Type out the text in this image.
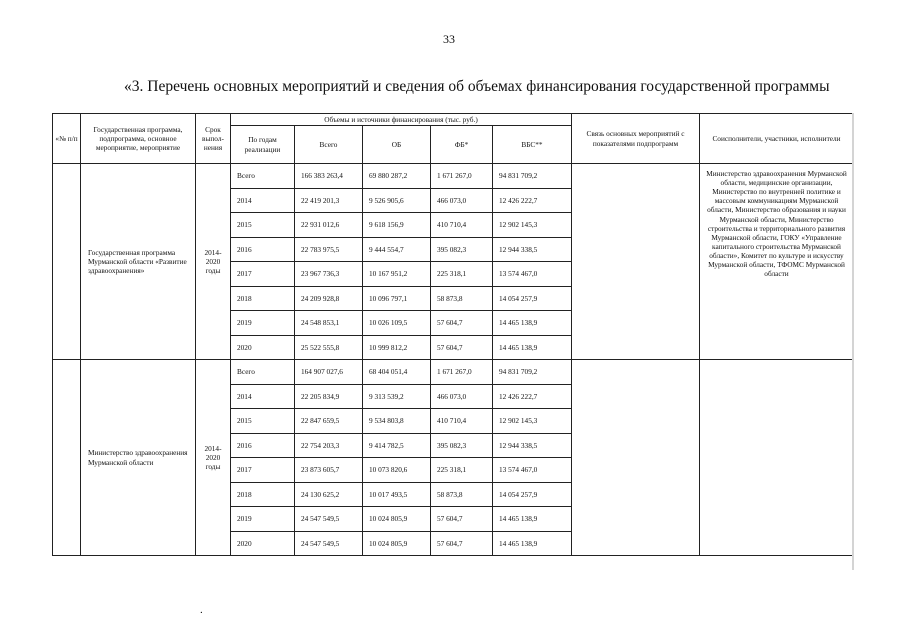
33
«3. Перечень основных мероприятий и сведения об объемах финансирования государственной программы
«№ п/п	Государственная программа, подпрограмма, основное мероприятие, мероприятие	Срок выпол-нения	Объемы и источники финансирования (тыс. руб.)					Связь основных мероприятий с показателями подпрограмм	Соисполнители, участники, исполнители
			По годам реализации	Всего	ОБ	ФБ*	ВБС**		
	Государственная программа Мурманской области «Развитие здравоохранения»	2014-2020 годы	Всего	166 383 263,4	69 880 287,2	1 671 267,0	94 831 709,2		Министерство здравоохранения Мурманской области, медицинские организации, Министерство по внутренней политике и массовым коммуникациям Мурманской области, Министерство образования и науки Мурманской области, Министерство строительства и территориального развития Мурманской области, ГОКУ «Управление капитального строительства Мурманской области», Комитет по культуре и искусству Мурманской области, ТФОМС Мурманской области
			2014	22 419 201,3	9 526 905,6	466 073,0	12 426 222,7		
			2015	22 931 012,6	9 618 156,9	410 710,4	12 902 145,3		
			2016	22 783 975,5	9 444 554,7	395 082,3	12 944 338,5		
			2017	23 967 736,3	10 167 951,2	225 318,1	13 574 467,0		
			2018	24 209 928,8	10 096 797,1	58 873,8	14 054 257,9		
			2019	24 548 853,1	10 026 109,5	57 604,7	14 465 138,9		
			2020	25 522 555,8	10 999 812,2	57 604,7	14 465 138,9		
	Министерство здравоохранения Мурманской области	2014-2020 годы	Всего	164 907 027,6	68 404 051,4	1 671 267,0	94 831 709,2		
			2014	22 205 834,9	9 313 539,2	466 073,0	12 426 222,7		
			2015	22 847 659,5	9 534 803,8	410 710,4	12 902 145,3		
			2016	22 754 203,3	9 414 782,5	395 082,3	12 944 338,5		
			2017	23 873 605,7	10 073 820,6	225 318,1	13 574 467,0		
			2018	24 130 625,2	10 017 493,5	58 873,8	14 054 257,9		
			2019	24 547 549,5	10 024 805,9	57 604,7	14 465 138,9		
			2020	24 547 549,5	10 024 805,9	57 604,7	14 465 138,9		
.
